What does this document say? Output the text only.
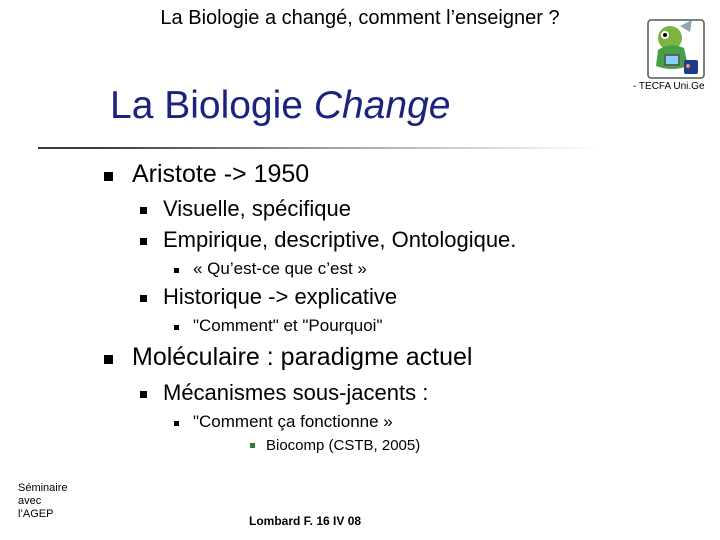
La Biologie a changé, comment l’enseigner ?
- TECFA Uni.Ge
La Biologie Change
Aristote -> 1950
Visuelle, spécifique
Empirique, descriptive, Ontologique.
« Qu’est-ce que c’est »
Historique -> explicative
"Comment" et "Pourquoi"
Moléculaire : paradigme actuel
Mécanismes sous-jacents :
"Comment ça fonctionne »
Biocomp (CSTB, 2005)
Séminaire
avec
l’AGEP	Lombard F. 16 IV 08
